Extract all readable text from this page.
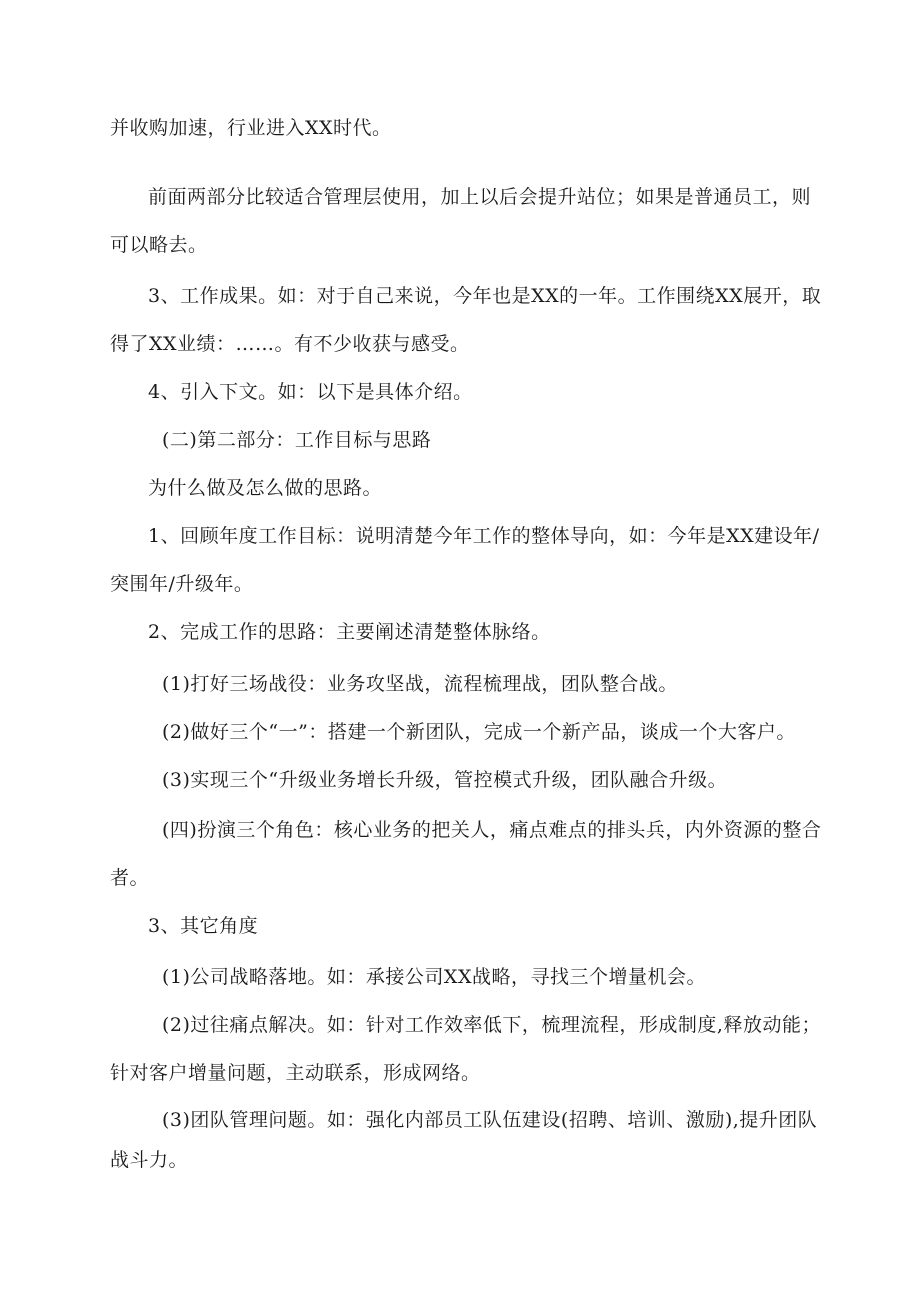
并收购加速，行业进入XX时代。

前面两部分比较适合管理层使用，加上以后会提升站位；如果是普通员工，则可以略去。

3、工作成果。如：对于自己来说，今年也是XX的一年。工作围绕XX展开，取得了XX业绩：……。有不少收获与感受。

4、引入下文。如：以下是具体介绍。

(二)第二部分：工作目标与思路

为什么做及怎么做的思路。

1、回顾年度工作目标：说明清楚今年工作的整体导向，如：今年是XX建设年/突围年/升级年。

2、完成工作的思路：主要阐述清楚整体脉络。

(1)打好三场战役：业务攻坚战，流程梳理战，团队整合战。

(2)做好三个“一”：搭建一个新团队，完成一个新产品，谈成一个大客户。

(3)实现三个“升级业务增长升级，管控模式升级，团队融合升级。

(四)扮演三个角色：核心业务的把关人，痛点难点的排头兵，内外资源的整合者。

3、其它角度

(1)公司战略落地。如：承接公司XX战略，寻找三个增量机会。

(2)过往痛点解决。如：针对工作效率低下，梳理流程，形成制度,释放动能；针对客户增量问题，主动联系，形成网络。

(3)团队管理问题。如：强化内部员工队伍建设(招聘、培训、激励),提升团队战斗力。
